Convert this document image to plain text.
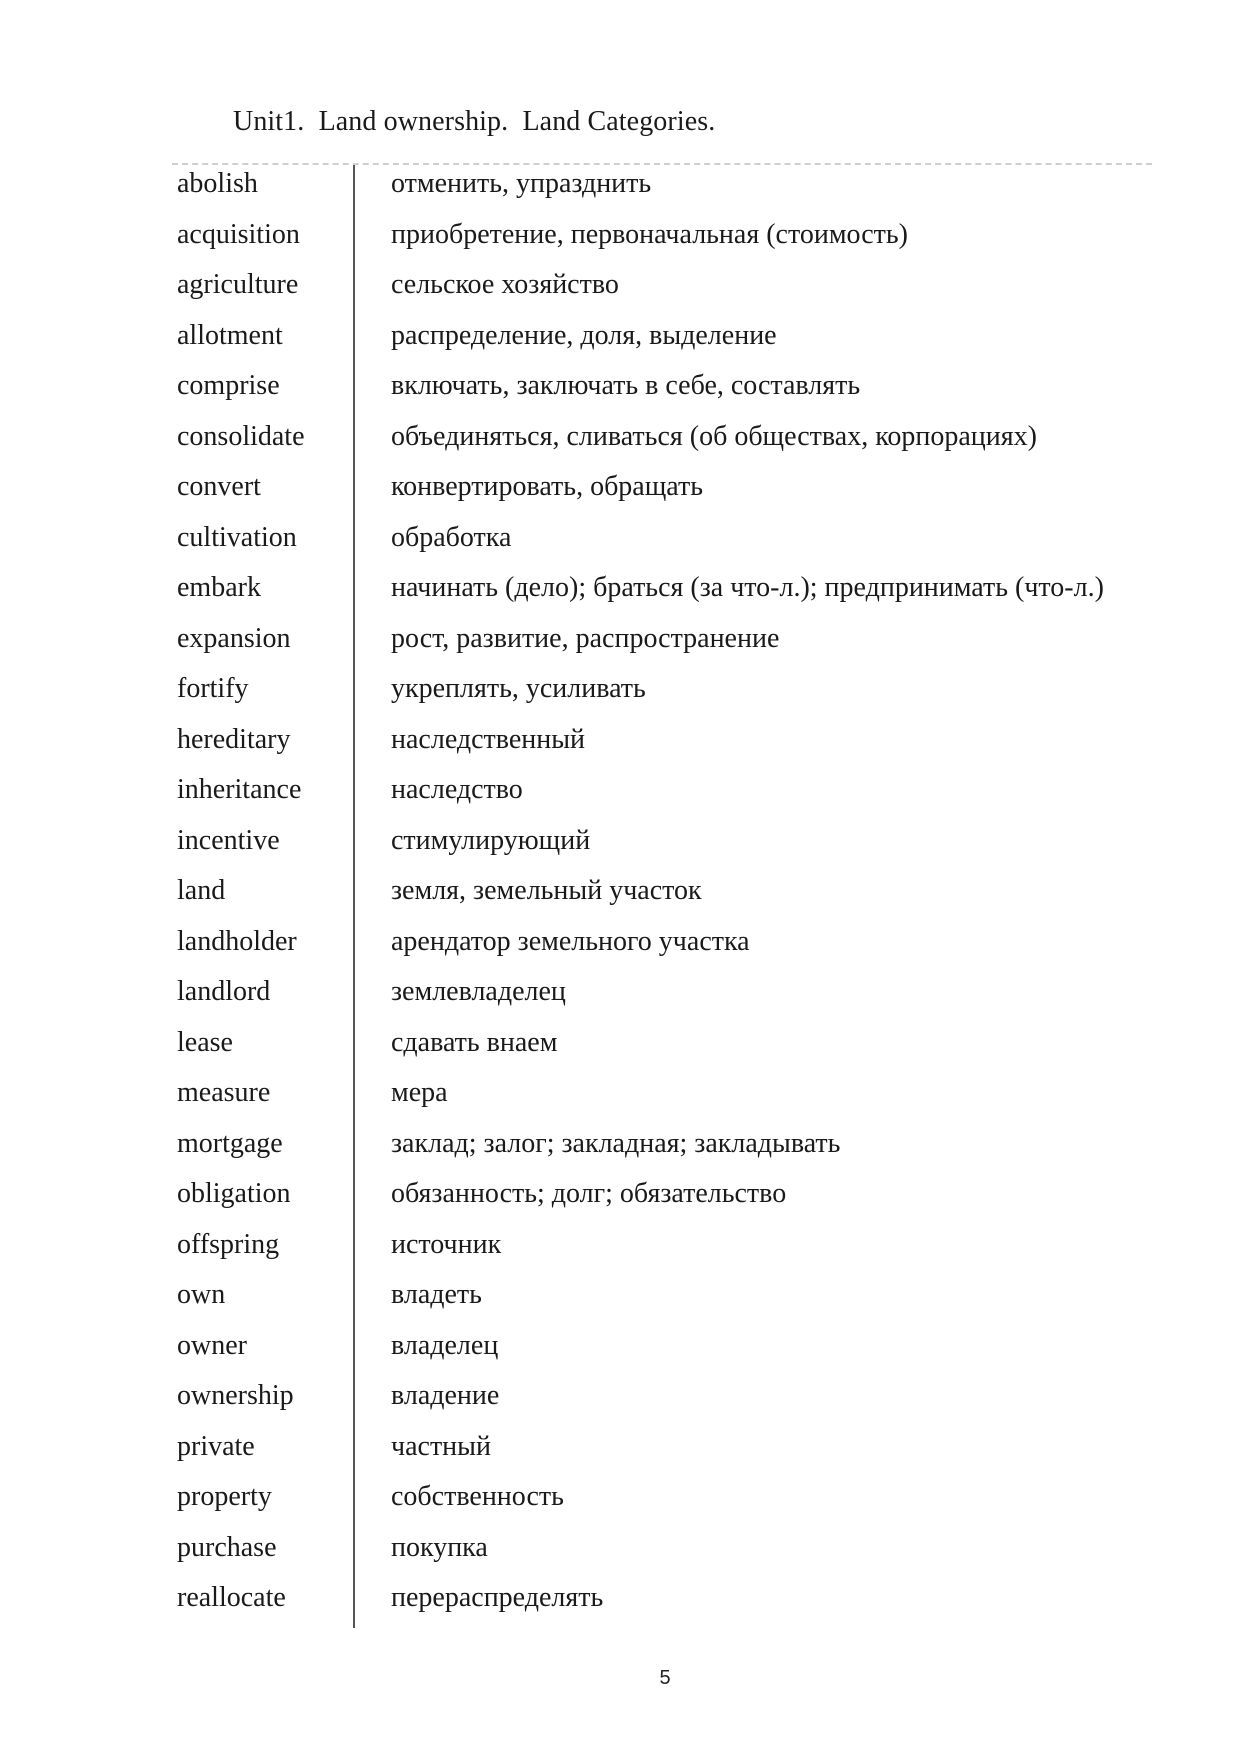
Unit1.  Land ownership.  Land Categories.
abolish	отменить, упразднить
acquisition	приобретение, первоначальная (стоимость)
agriculture	сельское хозяйство
allotment	распределение, доля, выделение
comprise	включать, заключать в себе, составлять
consolidate	объединяться, сливаться (об обществах, корпорациях)
convert	конвертировать, обращать
cultivation	обработка
embark	начинать (дело); браться (за что-л.); предпринимать (что-л.)
expansion	рост, развитие, распространение
fortify	укреплять, усиливать
hereditary	наследственный
inheritance	наследство
incentive	стимулирующий
land	земля, земельный участок
landholder	арендатор земельного участка
landlord	землевладелец
lease	сдавать внаем
measure	мера
mortgage	заклад; залог; закладная; закладывать
obligation	обязанность; долг; обязательство
offspring	источник
own	владеть
owner	владелец
ownership	владение
private	частный
property	собственность
purchase	покупка
reallocate	перераспределять
5
